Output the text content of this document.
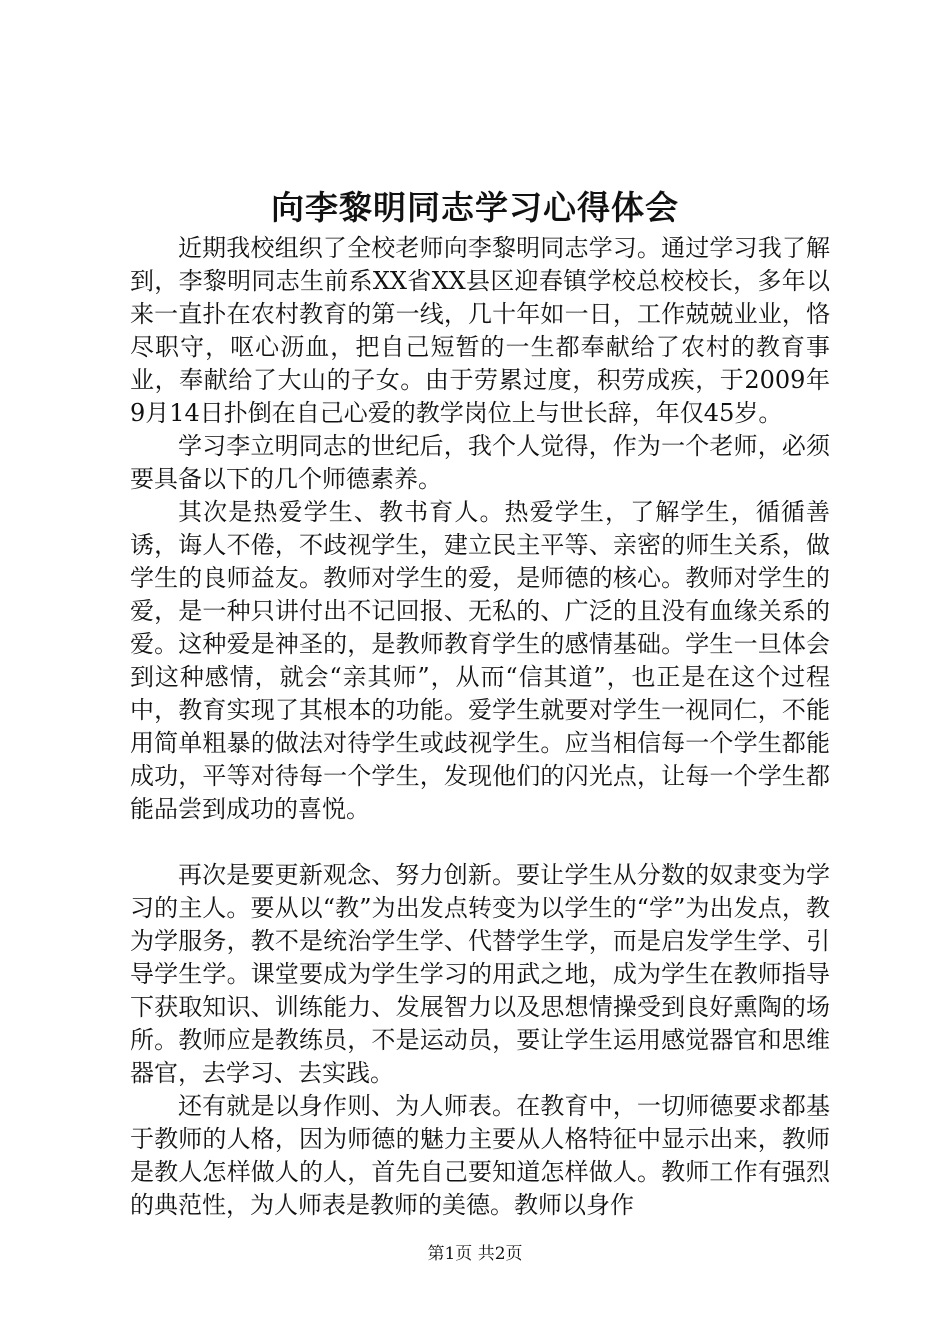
向李黎明同志学习心得体会

近期我校组织了全校老师向李黎明同志学习。通过学习我了解到，李黎明同志生前系XX省XX县区迎春镇学校总校校长，多年以来一直扑在农村教育的第一线，几十年如一日，工作兢兢业业，恪尽职守，呕心沥血，把自己短暂的一生都奉献给了农村的教育事业，奉献给了大山的子女。由于劳累过度，积劳成疾，于2009年9月14日扑倒在自己心爱的教学岗位上与世长辞，年仅45岁。

学习李立明同志的世纪后，我个人觉得，作为一个老师，必须要具备以下的几个师德素养。

其次是热爱学生、教书育人。热爱学生，了解学生，循循善诱，诲人不倦，不歧视学生，建立民主平等、亲密的师生关系，做学生的良师益友。教师对学生的爱，是师德的核心。教师对学生的爱，是一种只讲付出不记回报、无私的、广泛的且没有血缘关系的爱。这种爱是神圣的，是教师教育学生的感情基础。学生一旦体会到这种感情，就会“亲其师”，从而“信其道”，也正是在这个过程中，教育实现了其根本的功能。爱学生就要对学生一视同仁，不能用简单粗暴的做法对待学生或歧视学生。应当相信每一个学生都能成功，平等对待每一个学生，发现他们的闪光点，让每一个学生都能品尝到成功的喜悦。

再次是要更新观念、努力创新。要让学生从分数的奴隶变为学习的主人。要从以“教”为出发点转变为以学生的“学”为出发点，教为学服务，教不是统治学生学、代替学生学，而是启发学生学、引导学生学。课堂要成为学生学习的用武之地，成为学生在教师指导下获取知识、训练能力、发展智力以及思想情操受到良好熏陶的场所。教师应是教练员，不是运动员，要让学生运用感觉器官和思维器官，去学习、去实践。

还有就是以身作则、为人师表。在教育中，一切师德要求都基于教师的人格，因为师德的魅力主要从人格特征中显示出来，教师是教人怎样做人的人，首先自己要知道怎样做人。教师工作有强烈的典范性，为人师表是教师的美德。教师以身作

第1页 共2页
